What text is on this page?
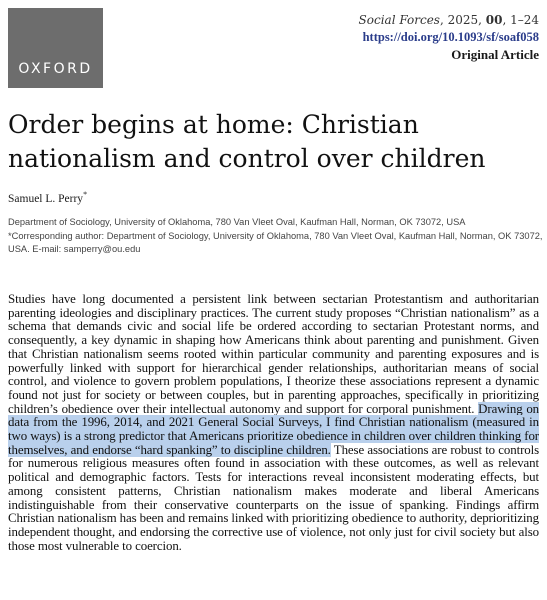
OXFORD
Social Forces, 2025, 00, 1–24
https://doi.org/10.1093/sf/soaf058
Original Article
Order begins at home: Christian nationalism and control over children
Samuel L. Perry*
Department of Sociology, University of Oklahoma, 780 Van Vleet Oval, Kaufman Hall, Norman, OK 73072, USA
*Corresponding author: Department of Sociology, University of Oklahoma, 780 Van Vleet Oval, Kaufman Hall, Norman, OK 73072, USA. E-mail: samperry@ou.edu
Studies have long documented a persistent link between sectarian Protestantism and authoritarian parenting ideologies and disciplinary practices. The current study proposes “Christian nationalism” as a schema that demands civic and social life be ordered according to sectarian Protestant norms, and consequently, a key dynamic in shaping how Americans think about parenting and punishment. Given that Christian nationalism seems rooted within particular community and parenting exposures and is powerfully linked with support for hierarchical gender relationships, authoritarian means of social control, and violence to govern problem populations, I theorize these associations represent a dynamic found not just for society or between couples, but in parenting approaches, specifically in prioritizing children’s obedience over their intellectual autonomy and support for corporal punishment. Drawing on data from the 1996, 2014, and 2021 General Social Surveys, I find Christian nationalism (measured in two ways) is a strong predictor that Americans prioritize obedience in children over children thinking for themselves, and endorse “hard spanking” to discipline children. These associations are robust to controls for numerous religious measures often found in association with these outcomes, as well as relevant political and demographic factors. Tests for interactions reveal inconsistent moderating effects, but among consistent patterns, Christian nationalism makes moderate and liberal Americans indistinguishable from their conservative counterparts on the issue of spanking. Findings affirm Christian nationalism has been and remains linked with prioritizing obedience to authority, deprioritizing independent thought, and endorsing the corrective use of violence, not only just for civil society but also those most vulnerable to coercion.
